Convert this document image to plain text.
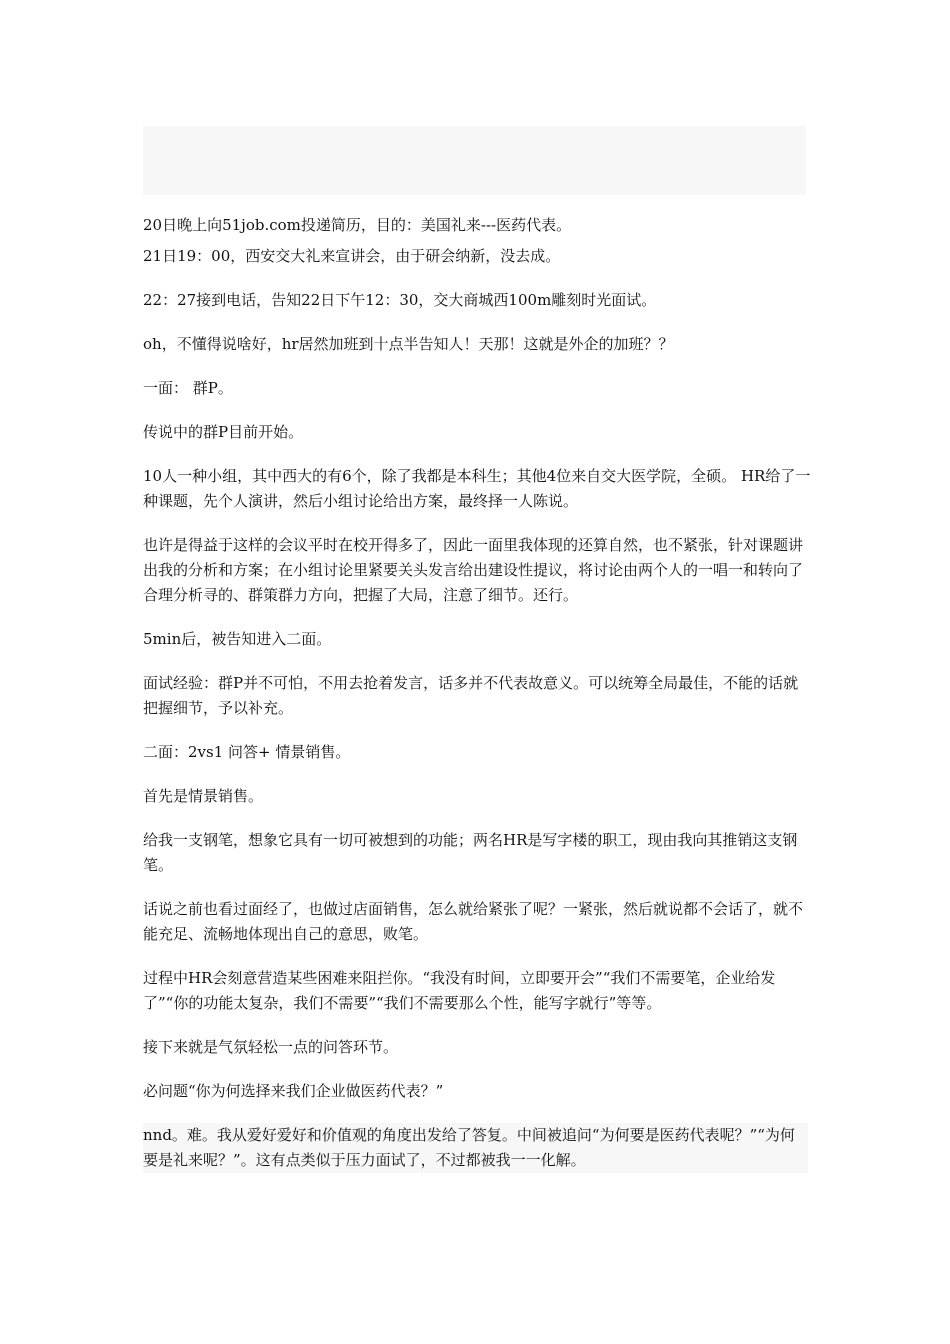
20日晚上向51job.com投递简历，目的：美国礼来---医药代表。

21日19：00，西安交大礼来宣讲会，由于研会纳新，没去成。

22：27接到电话，告知22日下午12：30，交大商城西100m雕刻时光面试。

oh，不懂得说啥好，hr居然加班到十点半告知人！天那！这就是外企的加班？？

一面： 群P。

传说中的群P目前开始。

10人一种小组，其中西大的有6个，除了我都是本科生；其他4位来自交大医学院，全硕。 HR给了一种课题，先个人演讲，然后小组讨论给出方案，最终择一人陈说。

也许是得益于这样的会议平时在校开得多了，因此一面里我体现的还算自然，也不紧张，针对课题讲出我的分析和方案；在小组讨论里紧要关头发言给出建设性提议，将讨论由两个人的一唱一和转向了合理分析寻的、群策群力方向，把握了大局，注意了细节。还行。

5min后，被告知进入二面。

面试经验：群P并不可怕，不用去抢着发言，话多并不代表故意义。可以统筹全局最佳，不能的话就把握细节，予以补充。

二面：2vs1 问答+ 情景销售。

首先是情景销售。

给我一支钢笔，想象它具有一切可被想到的功能；两名HR是写字楼的职工，现由我向其推销这支钢笔。

话说之前也看过面经了，也做过店面销售，怎么就给紧张了呢？一紧张，然后就说都不会话了，就不能充足、流畅地体现出自己的意思，败笔。

过程中HR会刻意营造某些困难来阻拦你。“我没有时间，立即要开会”“我们不需要笔，企业给发了”“你的功能太复杂，我们不需要”“我们不需要那么个性，能写字就行”等等。

接下来就是气氛轻松一点的问答环节。

必问题“你为何选择来我们企业做医药代表？”

nnd。难。我从爱好爱好和价值观的角度出发给了答复。中间被追问“为何要是医药代表呢？”“为何要是礼来呢？”。这有点类似于压力面试了，不过都被我一一化解。
